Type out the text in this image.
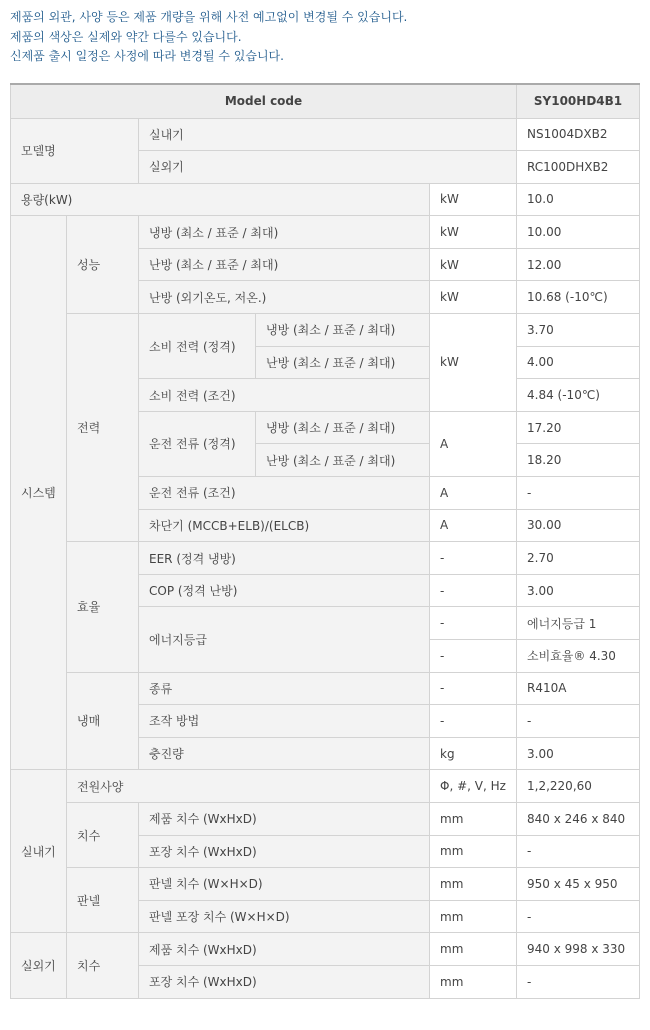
제품의 외관, 사양 등은 제품 개량을 위해 사전 예고없이 변경될 수 있습니다.
제품의 색상은 실제와 약간 다를수 있습니다.
신제품 출시 일정은 사정에 따라 변경될 수 있습니다.
Model code					SY100HD4B1
모델명		실내기			NS1004DXB2
		실외기			RC100DHXB2
용량(kW)				kW	10.0
시스템	성능	냉방 (최소 / 표준 / 최대)		kW	10.00
		난방 (최소 / 표준 / 최대)		kW	12.00
		난방 (외기온도, 저온.)		kW	10.68 (-10℃)
	전력	소비 전력 (정격)	냉방 (최소 / 표준 / 최대)	kW	3.70
			난방 (최소 / 표준 / 최대)		4.00
		소비 전력 (조건)			4.84 (-10℃)
		운전 전류 (정격)	냉방 (최소 / 표준 / 최대)	A	17.20
			난방 (최소 / 표준 / 최대)		18.20
		운전 전류 (조건)		A	-
		차단기 (MCCB+ELB)/(ELCB)		A	30.00
	효율	EER (정격 냉방)		-	2.70
		COP (정격 난방)		-	3.00
		에너지등급		-	에너지등급 1
				-	소비효율® 4.30
	냉매	종류		-	R410A
		조작 방법		-	-
		충진량		kg	3.00
실내기	전원사양			Φ, #, V, Hz	1,2,220,60
	치수	제품 치수 (WxHxD)		mm	840 x 246 x 840
		포장 치수 (WxHxD)		mm	-
	판넬	판넬 치수 (W×H×D)		mm	950 x 45 x 950
		판넬 포장 치수 (W×H×D)		mm	-
실외기	치수	제품 치수 (WxHxD)		mm	940 x 998 x 330
		포장 치수 (WxHxD)		mm	-
